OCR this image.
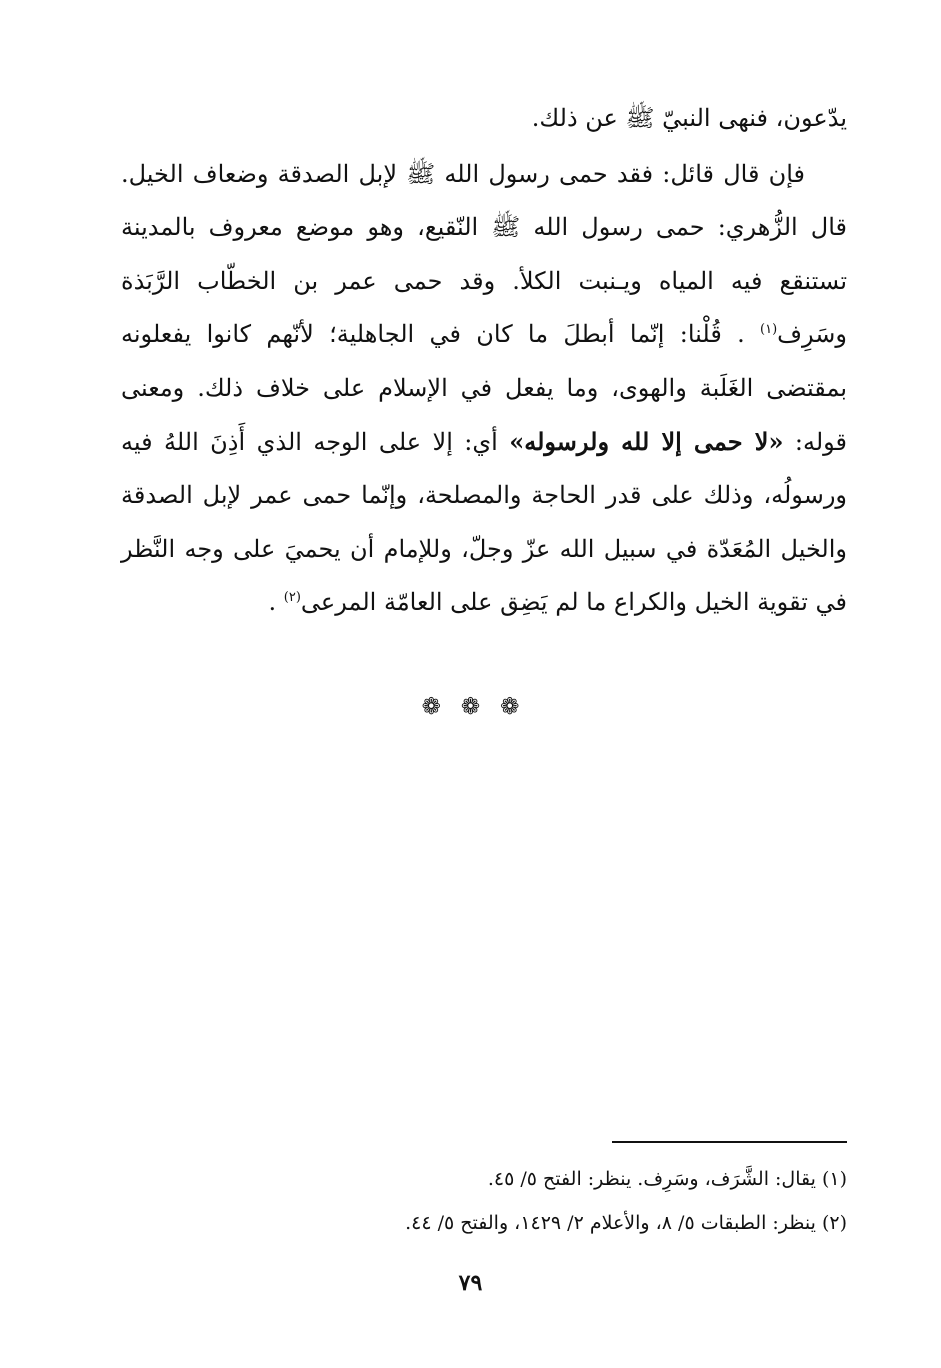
يدّعون، فنهى النبيّ ﷺ عن ذلك.

فإن قال قائل: فقد حمى رسول الله ﷺ لإبل الصدقة وضعاف الخيل. قال الزُّهري: حمى رسول الله ﷺ النّقيع، وهو موضع معروف بالمدينة تستنقع فيه المياه ويـنبت الكلأ. وقد حمى عمر بن الخطّاب الرَّبَذة وسَرِف$^{(١)}$ . قُلْنا: إنّما أبطلَ ما كان في الجاهلية؛ لأنّهم كانوا يفعلونه بمقتضى الغَلَبة والهوى، وما يفعل في الإسلام على خلاف ذلك. ومعنى قوله: «لا حمى إلا لله ولرسوله» أي: إلا على الوجه الذي أَذِنَ اللهُ فيه ورسولُه، وذلك على قدر الحاجة والمصلحة، وإنّما حمى عمر لإبل الصدقة والخيل المُعَدّة في سبيل الله عزّ وجلّ، وللإمام أن يحميَ على وجه النَّظر في تقوية الخيل والكراع ما لم يَضِق على العامّة المرعى$^{(٢)}$ .

❁ ❁ ❁

(١) يقال: الشَّرَف، وسَرِف. ينظر: الفتح ٥/ ٤٥.

(٢) ينظر: الطبقات ٥/ ٨، والأعلام ٢/ ١٤٢٩، والفتح ٥/ ٤٤.

٧٩
